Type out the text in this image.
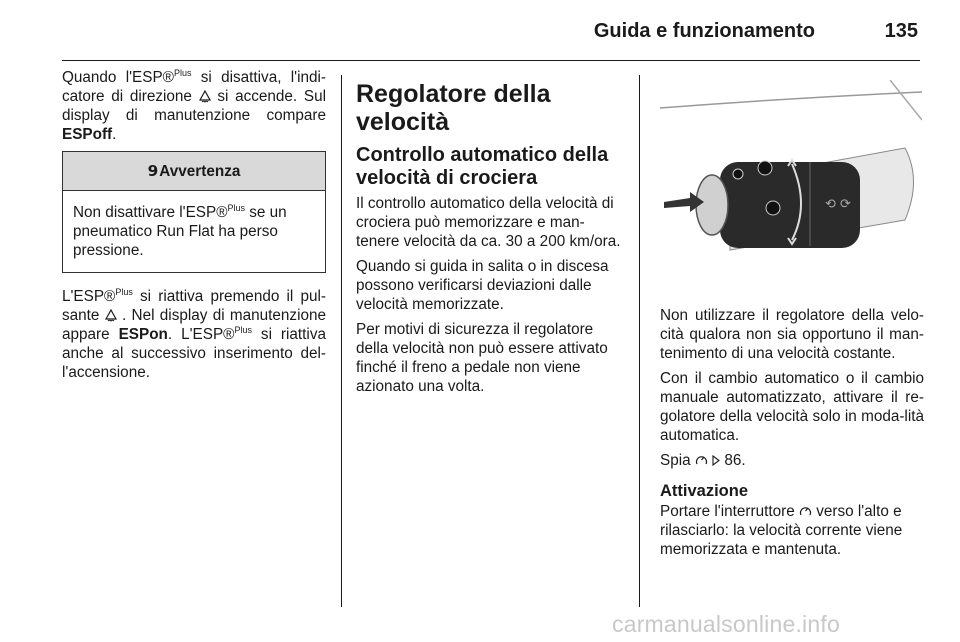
Guida e funzionamento	135

Quando l'ESP®$^{Plus}$ si disattiva, l'indi-catore di direzione  si accende. Sul display di manutenzione compare ESPoff.

9 Avvertenza
Non disattivare l'ESP®$^{Plus}$ se un pneumatico Run Flat ha perso pressione.

L'ESP®$^{Plus}$ si riattiva premendo il pul-sante  . Nel display di manutenzione appare ESPon. L'ESP®$^{Plus}$ si riattiva anche al successivo inserimento del-l'accensione.

Regolatore della velocità
Controllo automatico della velocità di crociera

Il controllo automatico della velocità di crociera può memorizzare e man-tenere velocità da ca. 30 a 200 km/ora.

Quando si guida in salita o in discesa possono verificarsi deviazioni dalle velocità memorizzate.

Per motivi di sicurezza il regolatore della velocità non può essere attivato finché il freno a pedale non viene azionato una volta.

⟲ ⟳

Non utilizzare il regolatore della velo-cità qualora non sia opportuno il man-tenimento di una velocità costante.

Con il cambio automatico o il cambio manuale automatizzato, attivare il re-golatore della velocità solo in moda-lità automatica.

Spia   86.

Attivazione

Portare l'interruttore  verso l'alto e rilasciarlo: la velocità corrente viene memorizzata e mantenuta.

carmanualsonline.info
